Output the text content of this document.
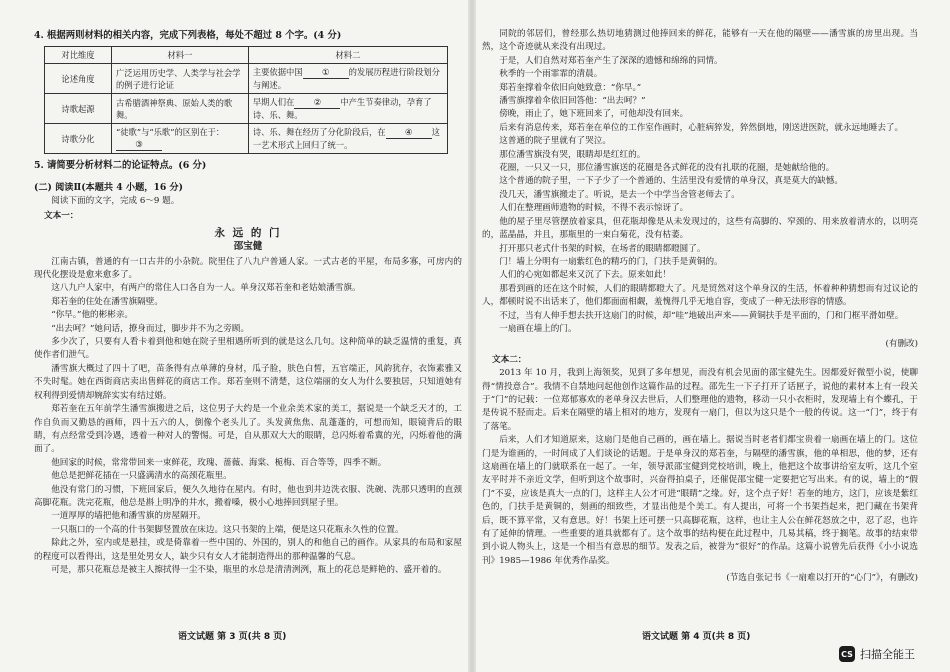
4. 根据两则材料的相关内容，完成下列表格，每处不超过 8 个字。(4 分)
对比维度	材料一	材料二
论述角度	广泛运用历史学、人类学与社会学的例子进行论证	主要依据中国 ① 的发展历程进行阶段划分与阐述。
诗歌起源	古希腊酒神祭典、原始人类的歌舞。	早期人们在 ② 中产生节奏律动，孕育了诗、乐、舞。
诗歌分化	“徒歌”与“乐歌”的区别在于：③	诗、乐、舞在经历了分化阶段后，在 ④ 这一艺术形式上回归了统一。
5. 请简要分析材料二的论证特点。(6 分)
(二) 阅读Ⅱ(本题共 4 小题，16 分)

阅读下面的文字，完成 6～9 题。

文本一：
永 远 的 门
邵宝健

江南古镇，普通的有一口古井的小杂院。院里住了八九户普通人家。一式古老的平屋，布局多寡，可房内的现代化摆设是愈来愈多了。

这八九户人家中，有两户的常住人口各自为一人。单身汉郑若奎和老姑娘潘雪旗。

郑若奎的住处在潘雪旗隔壁。

“你早。”他的彬彬亲。

“出去呵？”她问话，撩身而过，脚步并不为之旁顾。

多少次了，只要有人看卡着到他和她在院子里相遇所听到的就是这么几句。这种简单的缺乏温情的重复，真使作者们泄气。

潘雪旗大概过了四十了吧，苗条得有点单薄的身材，瓜子脸，肤色白皙，五官端正，风韵犹存，衣饰素雅又不失时髦。她在西街商店卖出售鲜花的商店工作。郑若奎则不清楚，这位端丽的女人为什么要独居，只知道她有权利得到爱情却婉辞实实有结过婚。

郑若奎在五年前学生潘雪旗搬进之后，这位男子大约是一个业余美术家的美工，据说是一个缺乏天才的，工作自负而又勤恳的画师，四十五六的人，倒像个老头儿了。头发黄焦焦、乱蓬蓬的，可想而知，眼镜背后的眼睛，有点经常受到冷遇，透着一种对人的警惕。可是，自从那双大大的眼睛，总闪烁着希冀的光，闪烁着他的满面了。

他回家的时候，常常带回来一束鲜花，玫瑰、蔷薇、海棠、栀梅、百合等等，四季不断。

他总是把鲜花插在一只盛满清水的高颈花瓶里。

他没有常门的习惯，下班回家后，便久久地待在屋内。有时，他也到井边洗衣服、洗碗、洗那只透明的直颈高脚花瓶。洗完花瓶，他总是斟上明净的井水，搬着嗓，极小心地捧回到屋子里。

一道厚厚的墙把他和潘雪旗的房屋隔开。

一只瓶口的一个高的什书架脚竖置放在床边。这只书架的上端，便是这只花瓶永久性的位置。

除此之外，室内或是悬挂，或是倚靠着一些中国的、外国的，别人的和他自己的画作。从家具的布局和家屋的程度可以看得出，这是里处男女人，缺少只有女人才能制造得出的那种温馨的气息。

可是，那只花瓶总是被主人擦拭得一尘不染，瓶里的水总是清清洌洌，瓶上的花总是鲜艳的、盛开着的。

同院的邻居们，曾经那么热切地猜测过他捧回来的鲜花，能够有一天在他的隔壁——潘雪旗的房里出现。当然，这个奇迹就从来没有出现过。

于是，人们自然对郑若奎产生了深深的遗憾和绵绵的同情。

秋季的一个雨霏霏的清晨。

郑若奎撑着伞依旧向她致意：“你早。”

潘雪旗撑着伞依旧回答他：“出去呵？”

傍晚，雨止了，她下班回来了，可他却没有回来。

后来有消息传来，郑若奎在单位的工作室作画时，心脏病猝发，猝然倒地，刚送进医院，就永远地睡去了。

这普通的院子里就有了哭泣。

那位潘雪旗没有哭，眼睛却是红红的。

花圈，一只又一只，那位潘雪旗送的花圈是各式鲜花的没有扎联的花圈，是她献给他的。

这个普通的院子里，一下子少了一个普通的、生活里没有爱情的单身汉，真是莫大的缺憾。

没几天，潘雪旗搬走了。听说，是去一个中学当舍管老师去了。

人们在整理画师遗物的时候，不得不表示惊讶了。

他的屋子里尽管摆放着家具，但花瓶却像是从未发现过的，这些有高脚的、窄颈的、用来放着清水的，以明亮的，蓝晶晶，并且，那瓶里的一束白菊花，没有枯萎。

打开那只老式什书架的时候，在场者的眼睛都瞪圆了。

门！墙上分明有一扇紫红色的精巧的门，门扶手是黄铜的。

人们的心宛如都起来又沉了下去。原来如此！

那看到画的还在这个时候，人们的眼睛都瞪大了。凡是贸然对这个单身汉的生活，怀着种种猜想而有过议论的人，都顿时说不出话来了，他们都面面相觑，羞愧得几乎无地自容，变成了一种无法形容的情感。

不过，当有人伸手想去扶开这扇门的时候，却“哇”地破出声来——黄铜扶手是平面的，门和门框平滑如壁。

一扇画在墙上的门。

(有删改)
文本二：

2013 年 10 月，我到上海领奖，见到了多年想见，而没有机会见面的邵宝健先生。因都爱好微型小说，使聊得“情投意合”。我情不自禁地问起他创作这篇作品的过程。邵先生一下子打开了话匣子，说他的素材本上有一段关于“门”的记载：一位郑郁寡欢的老单身汉去世后，人们整理他的遗物，移动一只小衣柜时，发现墙上有个蝶孔，于是传说不胫而走。后来在隔壁的墙上相对的地方，发现有一扇门，但以为这只是个一般的传说。这一“门”，终于有了落笔。

后来，人们才知道原来，这扇门是他自己画的，画在墙上。据说当时老者们都宝贵着一扇画在墙上的门。这位门是为谁画的，一时间成了人们谈论的话题。于是单身汉的郑若奎，与隔壁的潘雪旗，他的单相思，他的梦，还有这扇画在墙上的门就联系在一起了。一年，领导派邵宝健到党校培训，晚上，他把这个故事讲给室友听，这几个室友平时并不亲近文学，但听到这个故事时，兴奋得拍桌子，还催促邵宝健一定要把它写出来。有的说，墙上的“假门”不妥，应该是真大一点的门，这样主人公才可进“眼睛”之缘。好，这个点子好！若奎的地方，这门，应该是紫红色的，门扶手是黄铜的，刻画的细致些，才显出他是个美工。有人提出，可将一个书架挡起来，把门藏在书架背后，既不算平常，又有意思。好！书架上还可摆一只高脚花瓶，这样，也让主人公在鲜花怒放之中，忍了忍，也许有了延伸的情理。一些重要的道具就都有了。这个故事的结构便在此过程中，几易其稿，终于搁笔。故事的结束带到小说人物头上，这是一个相当有意思的细节。发表之后，被誉为“很好”的作品。这篇小说曾先后获得《小小说选刊》1985—1986 年优秀作品奖。

(节选自张记书《一扇难以打开的“心门”》，有删改)
语文试题 第 3 页(共 8 页)	语文试题 第 4 页(共 8 页)
CS 扫描全能王
